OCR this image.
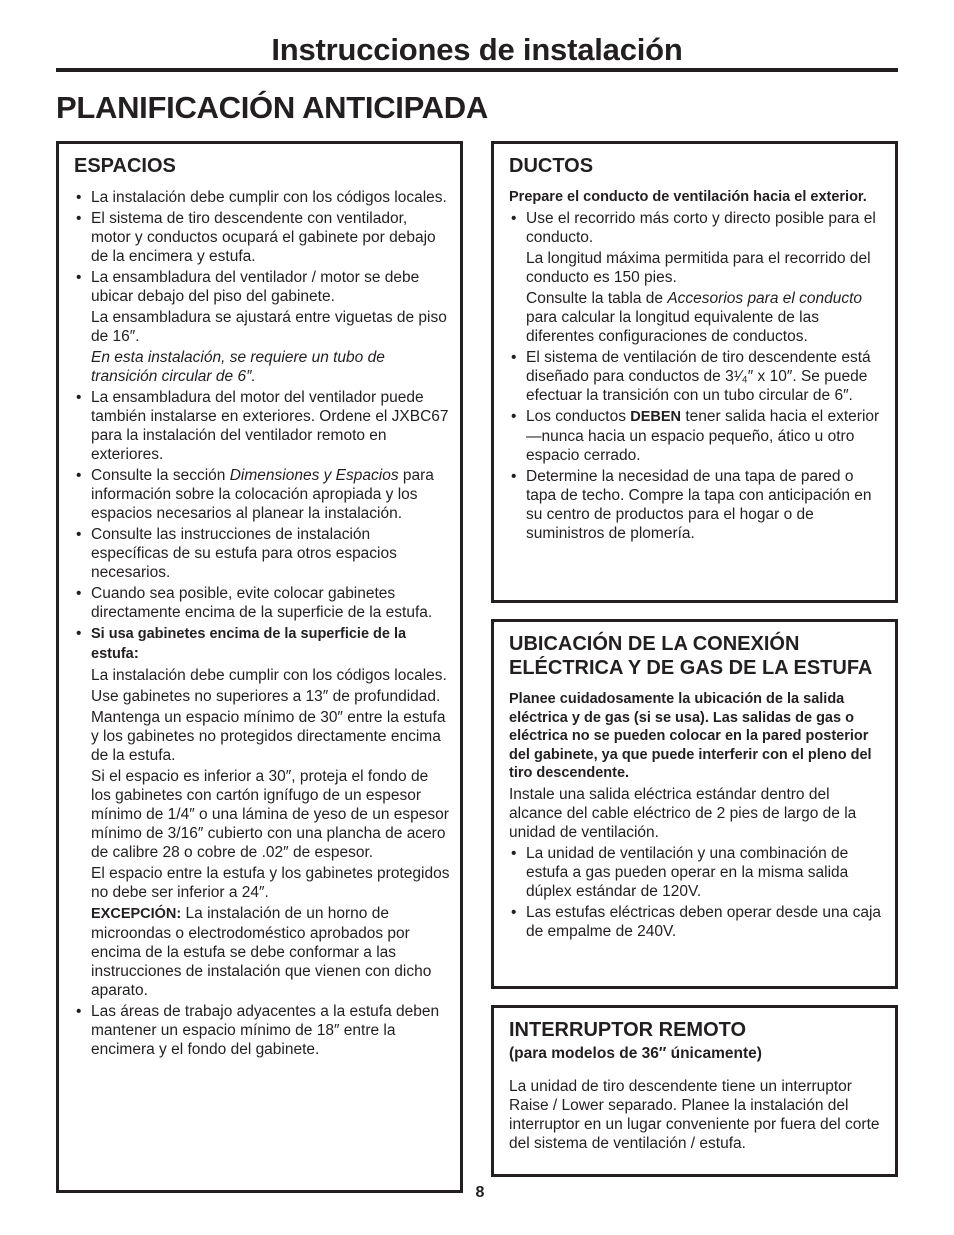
Instrucciones de instalación
PLANIFICACIÓN ANTICIPADA
ESPACIOS
• La instalación debe cumplir con los códigos locales.
• El sistema de tiro descendente con ventilador, motor y conductos ocupará el gabinete por debajo de la encimera y estufa.
• La ensambladura del ventilador / motor se debe ubicar debajo del piso del gabinete.
La ensambladura se ajustará entre viguetas de piso de 16″.
En esta instalación, se requiere un tubo de transición circular de 6″.
• La ensambladura del motor del ventilador puede también instalarse en exteriores. Ordene el JXBC67 para la instalación del ventilador remoto en exteriores.
• Consulte la sección Dimensiones y Espacios para información sobre la colocación apropiada y los espacios necesarios al planear la instalación.
• Consulte las instrucciones de instalación específicas de su estufa para otros espacios necesarios.
• Cuando sea posible, evite colocar gabinetes directamente encima de la superficie de la estufa.
• Si usa gabinetes encima de la superficie de la estufa:
La instalación debe cumplir con los códigos locales.
Use gabinetes no superiores a 13″ de profundidad.
Mantenga un espacio mínimo de 30″ entre la estufa y los gabinetes no protegidos directamente encima de la estufa.
Si el espacio es inferior a 30″, proteja el fondo de los gabinetes con cartón ignífugo de un espesor mínimo de 1/4″ o una lámina de yeso de un espesor mínimo de 3/16″ cubierto con una plancha de acero de calibre 28 o cobre de .02″ de espesor.
El espacio entre la estufa y los gabinetes protegidos no debe ser inferior a 24″.
EXCEPCIÓN: La instalación de un horno de microondas o electrodoméstico aprobados por encima de la estufa se debe conformar a las instrucciones de instalación que vienen con dicho aparato.
• Las áreas de trabajo adyacentes a la estufa deben mantener un espacio mínimo de 18″ entre la encimera y el fondo del gabinete.
DUCTOS

Prepare el conducto de ventilación hacia el exterior.

• Use el recorrido más corto y directo posible para el conducto.
La longitud máxima permitida para el recorrido del conducto es 150 pies.
Consulte la tabla de Accesorios para el conducto para calcular la longitud equivalente de las diferentes configuraciones de conductos.
• El sistema de ventilación de tiro descendente está diseñado para conductos de 3¹⁄₄″ x 10″. Se puede efectuar la transición con un tubo circular de 6″.
• Los conductos DEBEN tener salida hacia el exterior—nunca hacia un espacio pequeño, ático u otro espacio cerrado.
• Determine la necesidad de una tapa de pared o tapa de techo. Compre la tapa con anticipación en su centro de productos para el hogar o de suministros de plomería.
UBICACIÓN DE LA CONEXIÓN ELÉCTRICA Y DE GAS DE LA ESTUFA

Planee cuidadosamente la ubicación de la salida eléctrica y de gas (si se usa). Las salidas de gas o eléctrica no se pueden colocar en la pared posterior del gabinete, ya que puede interferir con el pleno del tiro descendente.

Instale una salida eléctrica estándar dentro del alcance del cable eléctrico de 2 pies de largo de la unidad de ventilación.

• La unidad de ventilación y una combinación de estufa a gas pueden operar en la misma salida dúplex estándar de 120V.
• Las estufas eléctricas deben operar desde una caja de empalme de 240V.
INTERRUPTOR REMOTO
(para modelos de 36″ únicamente)

La unidad de tiro descendente tiene un interruptor Raise / Lower separado. Planee la instalación del interruptor en un lugar conveniente por fuera del corte del sistema de ventilación / estufa.

8
